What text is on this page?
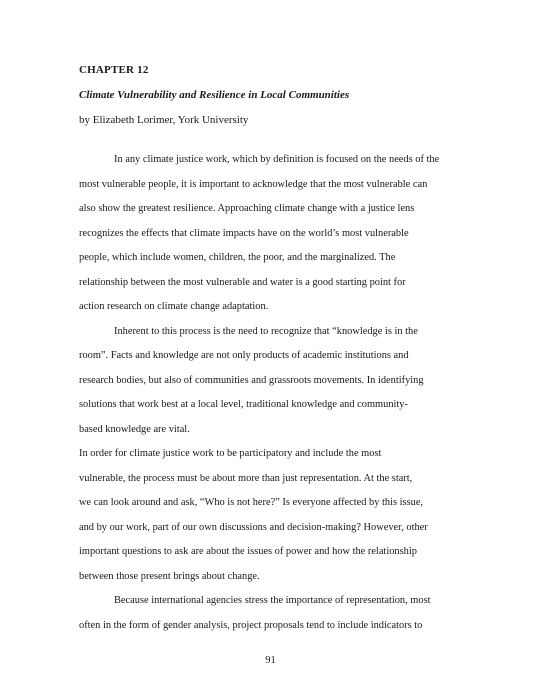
CHAPTER 12
Climate Vulnerability and Resilience in Local Communities
by Elizabeth Lorimer, York University

In any climate justice work, which by definition is focused on the needs of the

most vulnerable people, it is important to acknowledge that the most vulnerable can

also show the greatest resilience. Approaching climate change with a justice lens

recognizes the effects that climate impacts have on the world’s most vulnerable

people, which include women, children, the poor, and the marginalized. The

relationship between the most vulnerable and water is a good starting point for

action research on climate change adaptation.

Inherent to this process is the need to recognize that “knowledge is in the

room”. Facts and knowledge are not only products of academic institutions and

research bodies, but also of communities and grassroots movements. In identifying

solutions that work best at a local level, traditional knowledge and community-

based knowledge are vital.

In order for climate justice work to be participatory and include the most

vulnerable, the process must be about more than just representation. At the start,

we can look around and ask, “Who is not here?” Is everyone affected by this issue,

and by our work, part of our own discussions and decision-making? However, other

important questions to ask are about the issues of power and how the relationship

between those present brings about change.

Because international agencies stress the importance of representation, most

often in the form of gender analysis, project proposals tend to include indicators to

91
